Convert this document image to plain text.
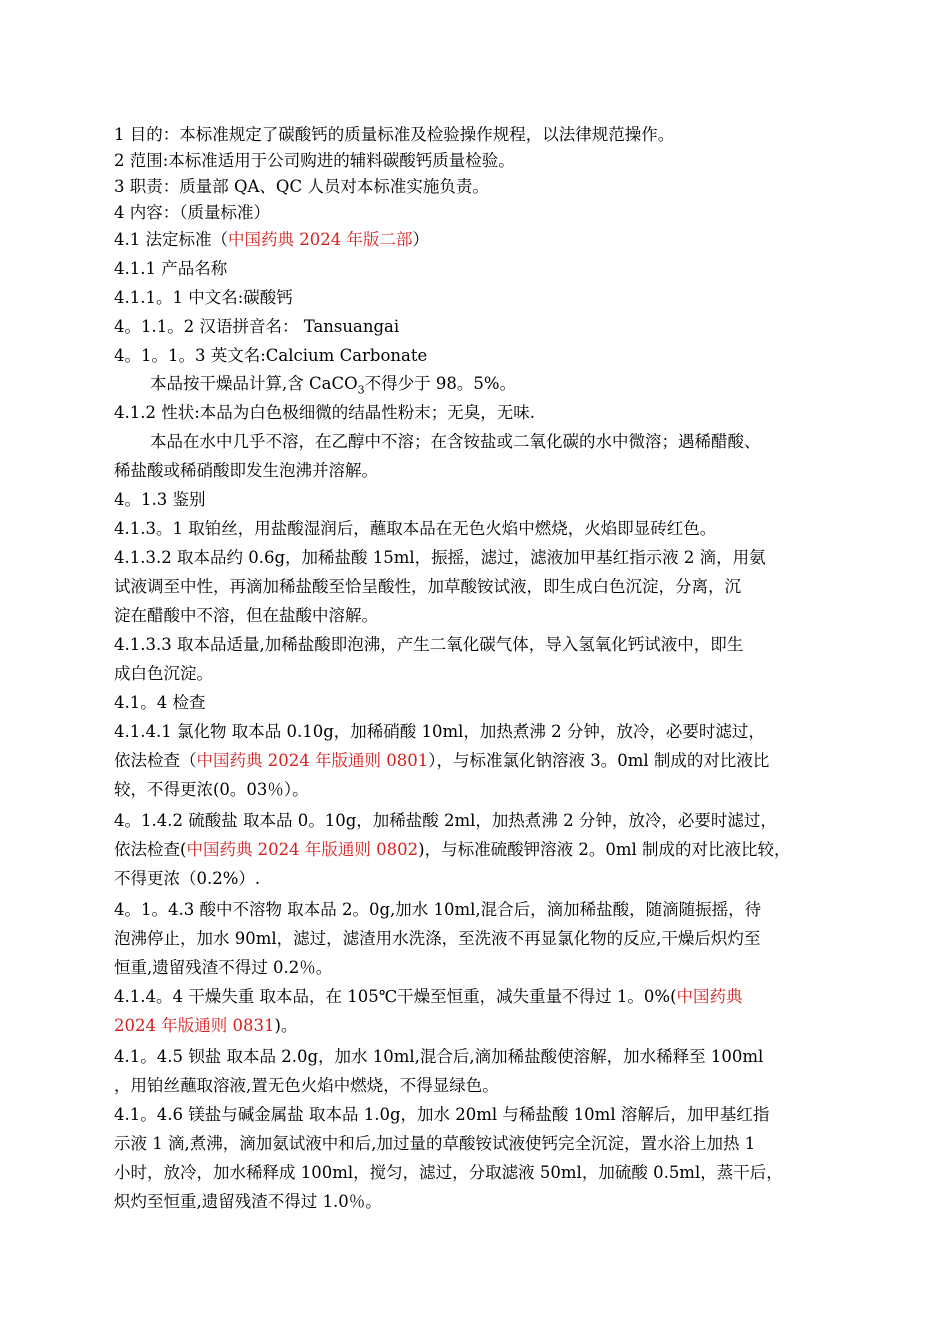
1 目的：本标准规定了碳酸钙的质量标准及检验操作规程，以法律规范操作。
2 范围:本标准适用于公司购进的辅料碳酸钙质量检验。
3 职责：质量部 QA、QC 人员对本标准实施负责。
4 内容：（质量标准）
4.1 法定标准（中国药典 2024 年版二部）
4.1.1 产品名称
4.1.1。1 中文名:碳酸钙
4。1.1。2 汉语拼音名： Tansuangai
4。1。1。3 英文名:Calcium Carbonate
本品按干燥品计算,含 CaCO$_3$不得少于 98。5%。
4.1.2 性状:本品为白色极细微的结晶性粉末；无臭，无味.
本品在水中几乎不溶，在乙醇中不溶；在含铵盐或二氧化碳的水中微溶；遇稀醋酸、
稀盐酸或稀硝酸即发生泡沸并溶解。
4。1.3 鉴别
4.1.3。1 取铂丝，用盐酸湿润后，蘸取本品在无色火焰中燃烧，火焰即显砖红色。
4.1.3.2 取本品约 0.6g，加稀盐酸 15ml，振摇，滤过，滤液加甲基红指示液 2 滴，用氨
试液调至中性，再滴加稀盐酸至恰呈酸性，加草酸铵试液，即生成白色沉淀，分离，沉
淀在醋酸中不溶，但在盐酸中溶解。
4.1.3.3 取本品适量,加稀盐酸即泡沸，产生二氧化碳气体，导入氢氧化钙试液中，即生
成白色沉淀。
4.1。4 检查
4.1.4.1 氯化物 取本品 0.10g，加稀硝酸 10ml，加热煮沸 2 分钟，放冷，必要时滤过，
依法检查（中国药典 2024 年版通则 0801），与标准氯化钠溶液 3。0ml 制成的对比液比
较，不得更浓(0。03％）。
4。1.4.2 硫酸盐 取本品 0。10g，加稀盐酸 2ml，加热煮沸 2 分钟，放冷，必要时滤过，
依法检查(中国药典 2024 年版通则 0802)，与标准硫酸钾溶液 2。0ml 制成的对比液比较，
不得更浓（0.2%）.
4。1。4.3 酸中不溶物 取本品 2。0g,加水 10ml,混合后，滴加稀盐酸，随滴随振摇，待
泡沸停止，加水 90ml，滤过，滤渣用水洗涤，至洗液不再显氯化物的反应,干燥后炽灼至
恒重,遗留残渣不得过 0.2％。
4.1.4。4 干燥失重 取本品，在 105℃干燥至恒重，减失重量不得过 1。0%(中国药典
2024 年版通则 0831)。
4.1。4.5 钡盐 取本品 2.0g，加水 10ml,混合后,滴加稀盐酸使溶解，加水稀释至 100ml
，用铂丝蘸取溶液,置无色火焰中燃烧，不得显绿色。
4.1。4.6 镁盐与碱金属盐 取本品 1.0g，加水 20ml 与稀盐酸 10ml 溶解后，加甲基红指
示液 1 滴,煮沸，滴加氨试液中和后,加过量的草酸铵试液使钙完全沉淀，置水浴上加热 1
小时，放冷，加水稀释成 100ml，搅匀，滤过，分取滤液 50ml，加硫酸 0.5ml，蒸干后，
炽灼至恒重,遗留残渣不得过 1.0％。
